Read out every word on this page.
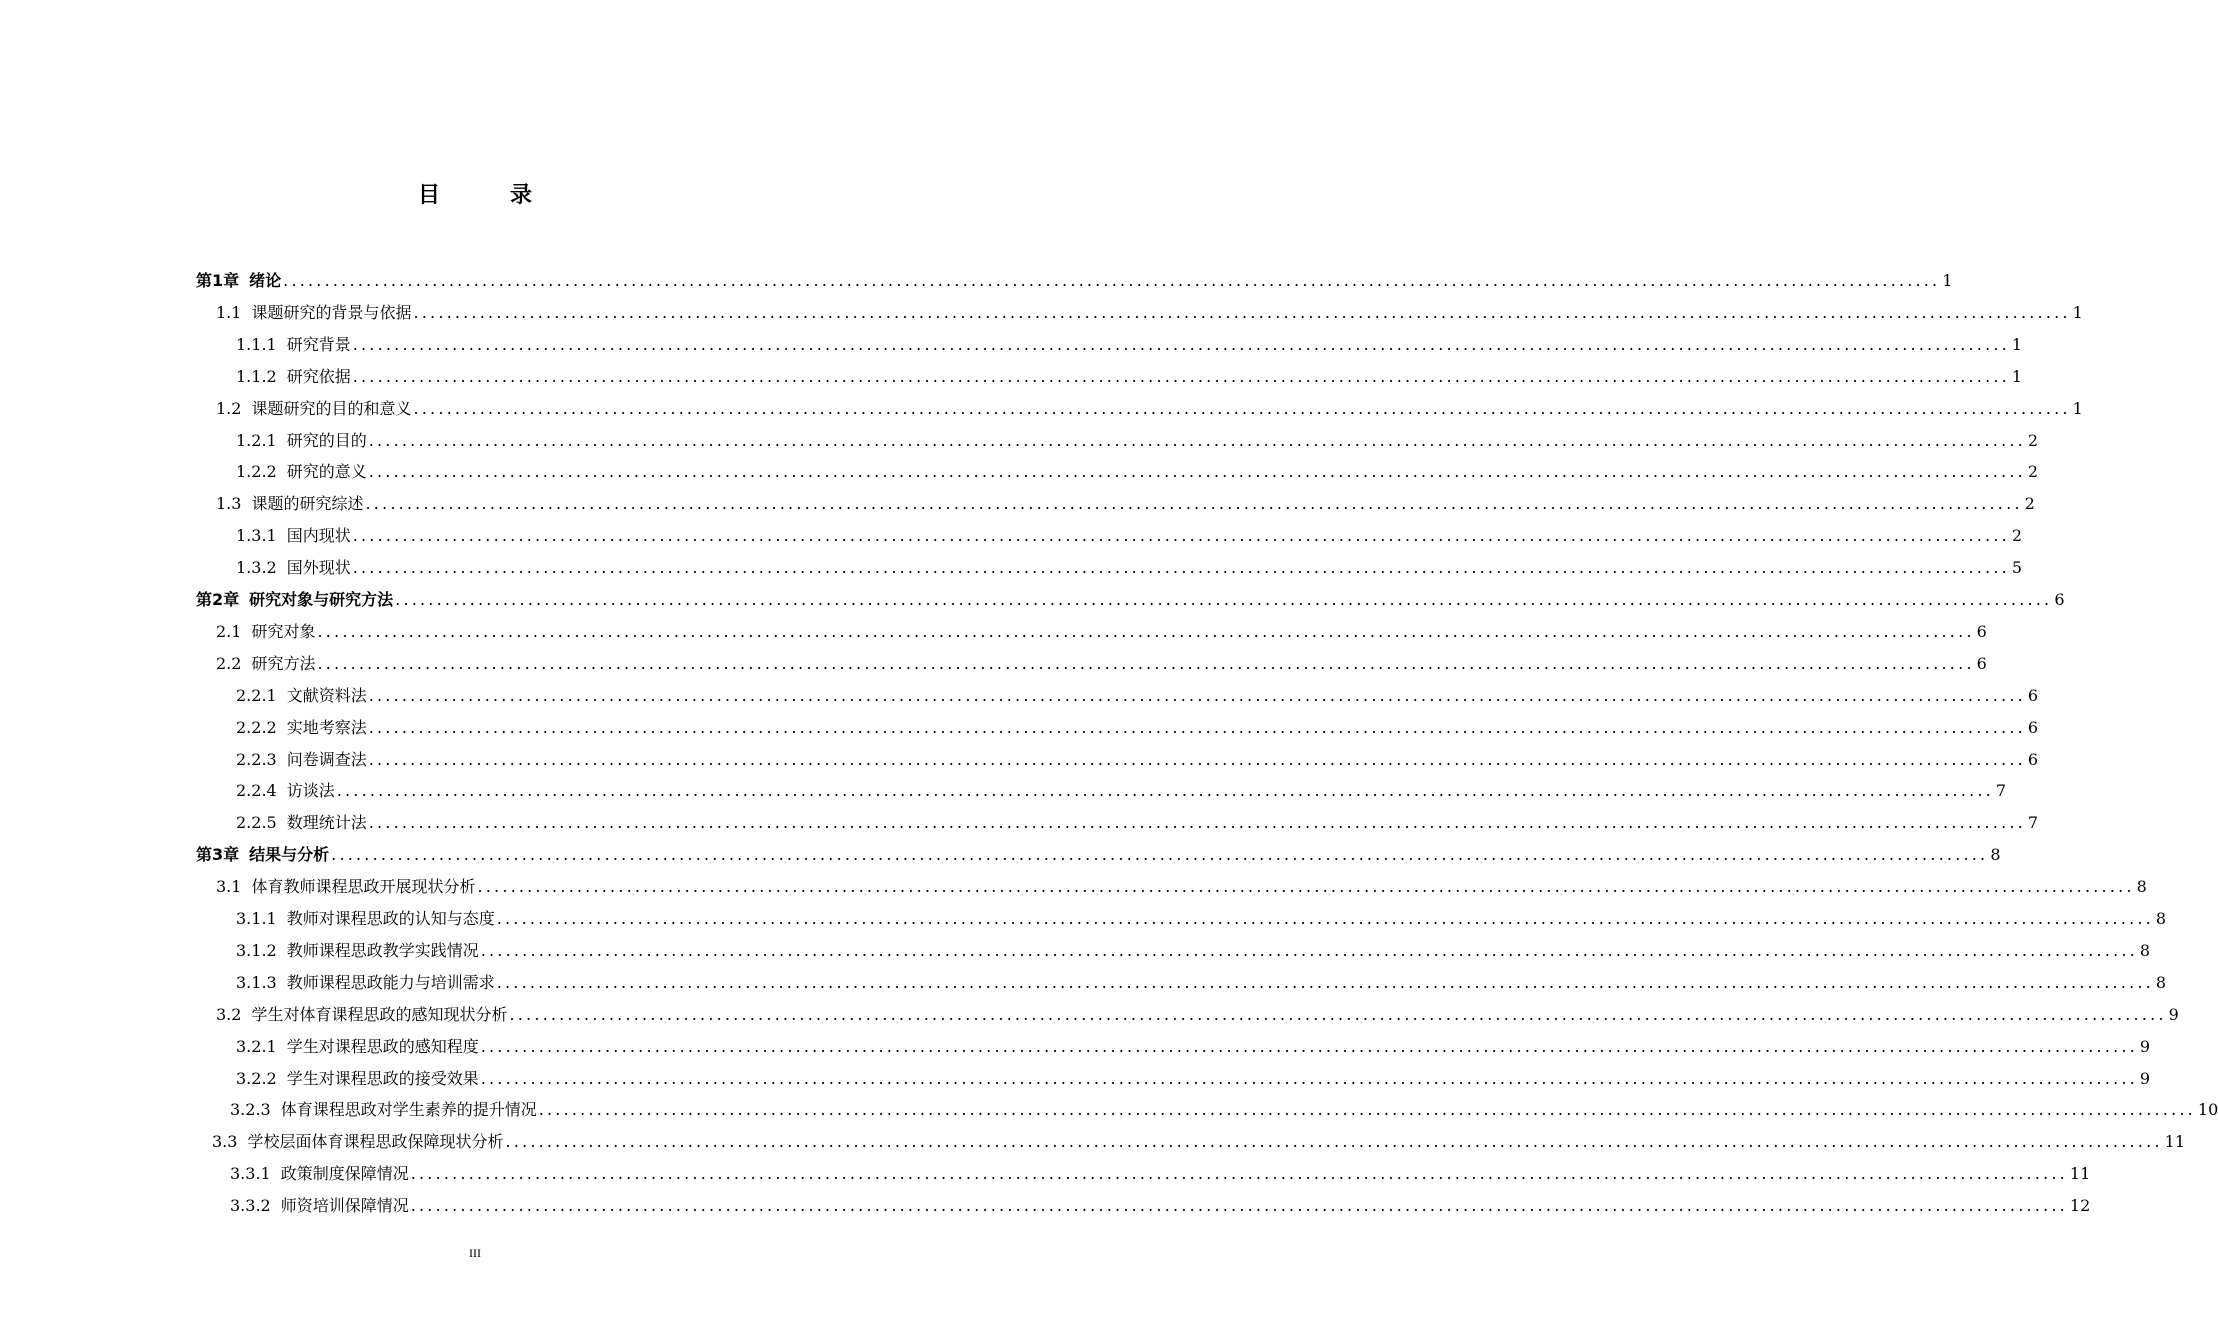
目　录
第1章 绪论 ........................................................................................................................................................................................................ 1
1.1 课题研究的背景与依据 ........................................................................................................................................................................................................ 1
1.1.1 研究背景 ........................................................................................................................................................................................................ 1
1.1.2 研究依据 ........................................................................................................................................................................................................ 1
1.2 课题研究的目的和意义 ........................................................................................................................................................................................................ 1
1.2.1 研究的目的 ........................................................................................................................................................................................................ 2
1.2.2 研究的意义 ........................................................................................................................................................................................................ 2
1.3 课题的研究综述 ........................................................................................................................................................................................................ 2
1.3.1 国内现状 ........................................................................................................................................................................................................ 2
1.3.2 国外现状 ........................................................................................................................................................................................................ 5
第2章 研究对象与研究方法 ........................................................................................................................................................................................................ 6
2.1 研究对象 ........................................................................................................................................................................................................ 6
2.2 研究方法 ........................................................................................................................................................................................................ 6
2.2.1 文献资料法 ........................................................................................................................................................................................................ 6
2.2.2 实地考察法 ........................................................................................................................................................................................................ 6
2.2.3 问卷调查法 ........................................................................................................................................................................................................ 6
2.2.4 访谈法 ........................................................................................................................................................................................................ 7
2.2.5 数理统计法 ........................................................................................................................................................................................................ 7
第3章 结果与分析 ........................................................................................................................................................................................................ 8
3.1 体育教师课程思政开展现状分析 ........................................................................................................................................................................................................ 8
3.1.1 教师对课程思政的认知与态度 ........................................................................................................................................................................................................ 8
3.1.2 教师课程思政教学实践情况 ........................................................................................................................................................................................................ 8
3.1.3 教师课程思政能力与培训需求 ........................................................................................................................................................................................................ 8
3.2 学生对体育课程思政的感知现状分析 ........................................................................................................................................................................................................ 9
3.2.1 学生对课程思政的感知程度 ........................................................................................................................................................................................................ 9
3.2.2 学生对课程思政的接受效果 ........................................................................................................................................................................................................ 9
3.2.3 体育课程思政对学生素养的提升情况 ........................................................................................................................................................................................................ 10
3.3 学校层面体育课程思政保障现状分析 ........................................................................................................................................................................................................ 11
3.3.1 政策制度保障情况 ........................................................................................................................................................................................................ 11
3.3.2 师资培训保障情况 ........................................................................................................................................................................................................ 12
III
